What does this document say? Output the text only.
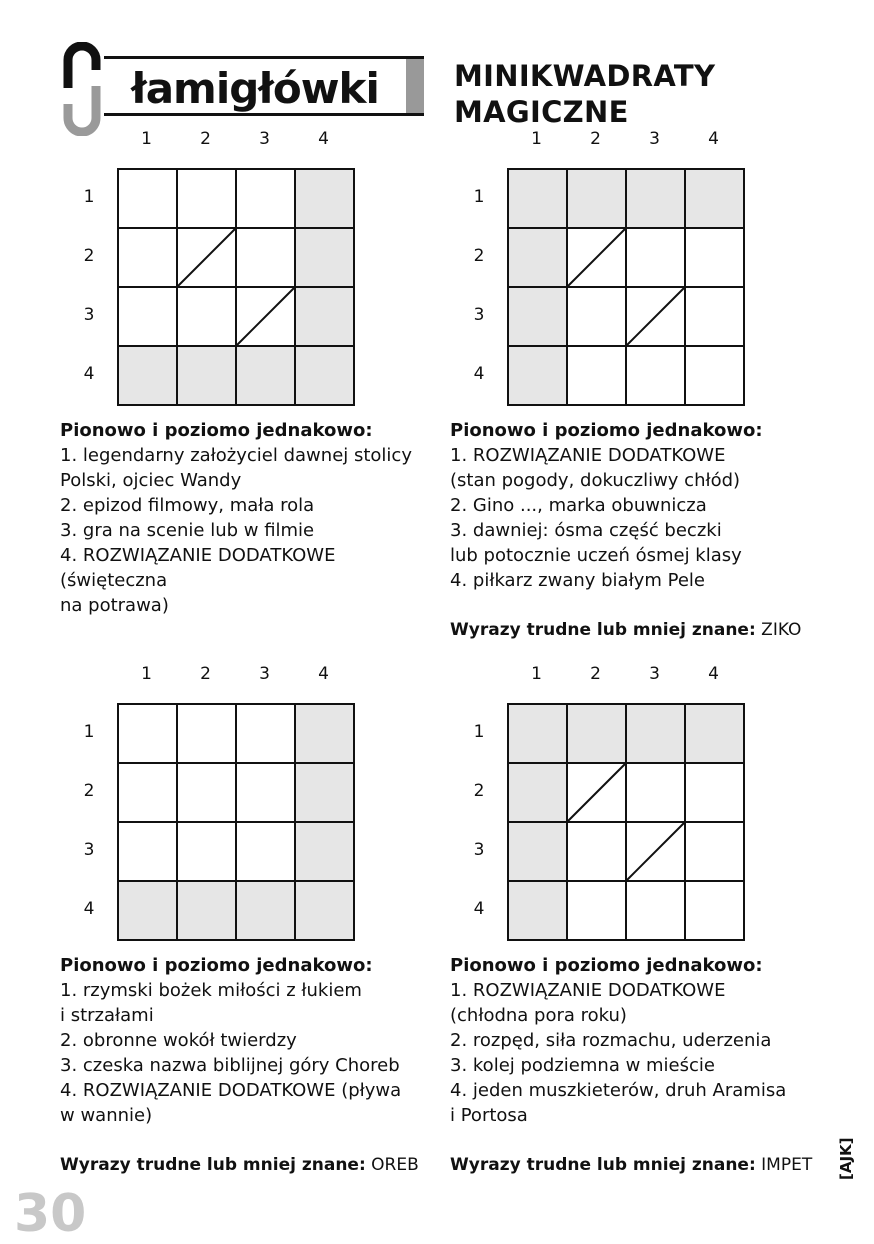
łamigłówki	MINIKWADRATY MAGICZNE
1	2	3	4
1
2
3
4

Pionowo i poziomo jednakowo:

1. legendarny założyciel dawnej stolicy

Polski, ojciec Wandy

2. epizod filmowy, mała rola

3. gra na scenie lub w filmie

4. ROZWIĄZANIE DODATKOWE (święteczna

na potrawa)

1	2	3	4
1
2
3
4

Pionowo i poziomo jednakowo:

1. ROZWIĄZANIE DODATKOWE

(stan pogody, dokuczliwy chłód)

2. Gino ..., marka obuwnicza

3. dawniej: ósma część beczki

lub potocznie uczeń ósmej klasy

4. piłkarz zwany białym Pele

Wyrazy trudne lub mniej znane: ZIKO
1	2	3	4
1
2
3
4

Pionowo i poziomo jednakowo:

1. rzymski bożek miłości z łukiem

i strzałami

2. obronne wokół twierdzy

3. czeska nazwa biblijnej góry Choreb

4. ROZWIĄZANIE DODATKOWE (pływa

w wannie)

Wyrazy trudne lub mniej znane: OREB
1	2	3	4
1
2
3
4

Pionowo i poziomo jednakowo:

1. ROZWIĄZANIE DODATKOWE

(chłodna pora roku)

2. rozpęd, siła rozmachu, uderzenia

3. kolej podziemna w mieście

4. jeden muszkieterów, druh Aramisa

i Portosa

Wyrazy trudne lub mniej znane: IMPET	[AJK]
30
